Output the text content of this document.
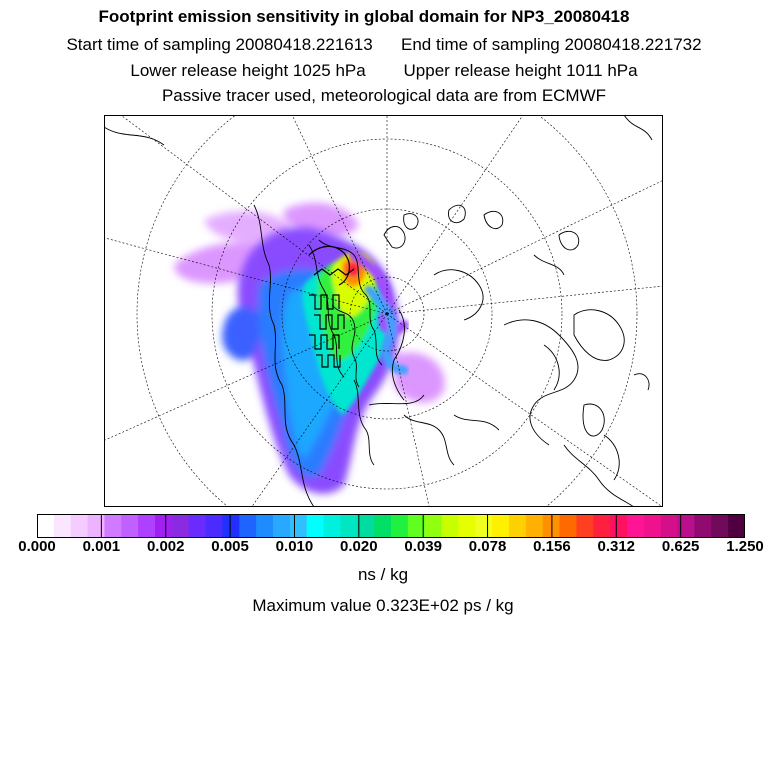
Footprint emission sensitivity in global domain for NP3_20080418
Start time of sampling 20080418.221613 End time of sampling 20080418.221732
Lower release height 1025 hPa Upper release height 1011 hPa
Passive tracer used, meteorological data are from ECMWF
0.000 0.001 0.002 0.005 0.010 0.020 0.039 0.078 0.156 0.312 0.625 1.250
ns / kg
Maximum value 0.323E+02 ps / kg
